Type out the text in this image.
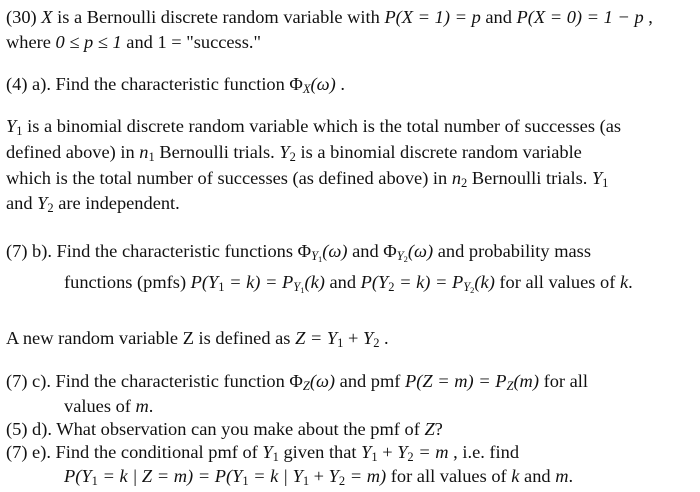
(30) X is a Bernoulli discrete random variable with P(X = 1) = p and P(X = 0) = 1 − p ,
where 0 ≤ p ≤ 1 and 1 = "success."
(4) a). Find the characteristic function $\Phi_X(\omega)$ .
$Y_1$ is a binomial discrete random variable which is the total number of successes (as
defined above) in $n_1$ Bernoulli trials. $Y_2$ is a binomial discrete random variable
which is the total number of successes (as defined above) in $n_2$ Bernoulli trials. $Y_1$
and $Y_2$ are independent.
(7) b). Find the characteristic functions $\Phi_{Y_1}(\omega)$ and $\Phi_{Y_2}(\omega)$ and probability mass
functions (pmfs) $P(Y_1 = k) = P_{Y_1}(k)$ and $P(Y_2 = k) = P_{Y_2}(k)$ for all values of k.
A new random variable Z is defined as $Z = Y_1 + Y_2$ .
(7) c). Find the characteristic function $\Phi_Z(\omega)$ and pmf $P(Z = m) = P_Z(m)$ for all
values of m.
(5) d). What observation can you make about the pmf of Z?
(7) e). Find the conditional pmf of $Y_1$ given that $Y_1 + Y_2 = m$ , i.e. find
$P(Y_1 = k$ | $Z = m) = P(Y_1 = k$ | $Y_1 + Y_2 = m$) for all values of k and m.
